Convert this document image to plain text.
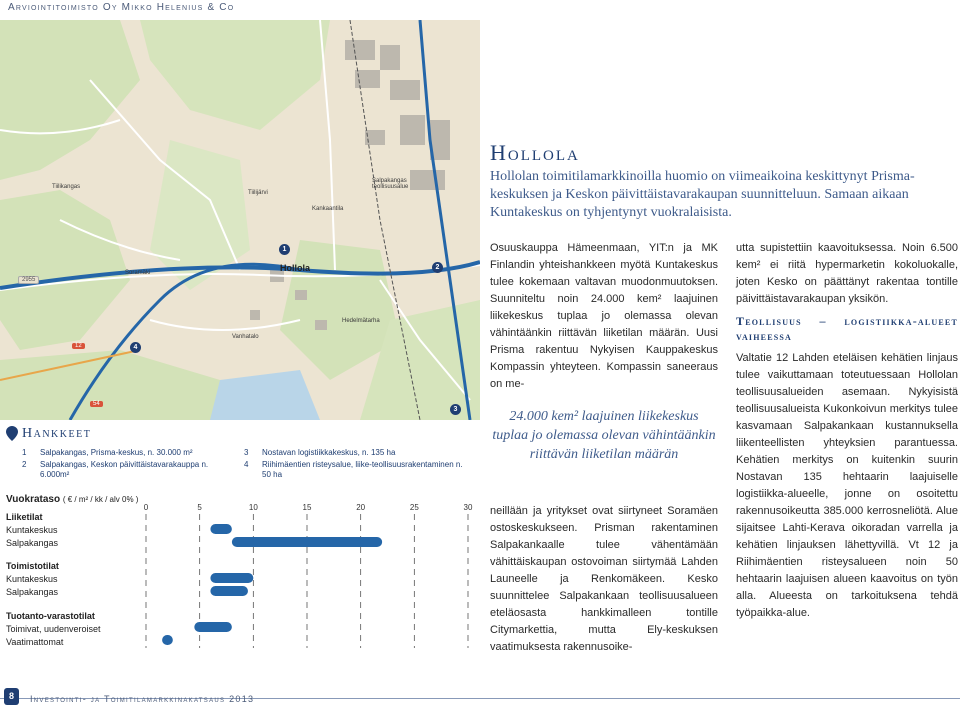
Arviointitoimisto Oy Mikko Helenius & Co
Tiilikangas
Tiilijärvi
Kankaantila
Salpakangas teollisuusalue
Soramäki	Hollola
Hedelmätarha
Vanhatalo
2955
12
54
1
2
3
4
Hankkeet
1 Salpakangas, Prisma-keskus, n. 30.000 m²
2 Salpakangas, Keskon päivittäistavarakauppa n. 6.000m²
3 Nostavan logistiikkakeskus, n. 135 ha
4 Riihimäentien risteysalue, liike-teollisuusrakentaminen n. 50 ha
Vuokrataso ( € / m² / kk / alv 0% )
Liiketilat
Kuntakeskus
Salpakangas
Toimistotilat
Kuntakeskus
Salpakangas
Tuotanto-varastotilat
Toimivat, uudenveroiset
Vaatimattomat
0	5	10	15	20	25	30
Hollola
Hollolan toimitilamarkkinoilla huomio on viimeaikoina keskittynyt Prisma-keskuksen ja Keskon päivittäistavarakaupan suunnitteluun. Samaan aikaan Kuntakeskus on tyhjentynyt vuokralaisista.

Osuuskauppa Hämeenmaan, YIT:n ja MK Finlandin yhteishankkeen myötä Kuntakeskus tulee kokemaan valtavan muodonmuutoksen. Suunniteltu noin 24.000 kem² laajuinen liikekeskus tuplaa jo olemassa olevan vähintäänkin riittävän liiketilan määrän. Uusi Prisma rakentuu Nykyisen Kauppakeskus Kompassin yhteyteen. Kompassin saneeraus on me-

24.000 kem² laajuinen liikekeskus tuplaa jo olemassa olevan vähintäänkin riittävän liiketilan määrän

neillään ja yritykset ovat siirtyneet Soramäen ostoskeskukseen. Prisman rakentaminen Salpakankaalle tulee vähentämään vähittäiskaupan ostovoiman siirtymää Lahden Launeelle ja Renkomäkeen. Kesko suunnittelee Salpakankaan teollisuusalueen eteläosasta hankkimalleen tontille Citymarkettia, mutta Ely-keskuksen vaatimuksesta rakennusoike-

utta supistettiin kaavoituksessa. Noin 6.500 kem² ei riitä hypermarketin kokoluokalle, joten Kesko on päättänyt rakentaa tontille päivittäistavarakaupan yksikön.

Teollisuus – logistiikka-alueet vaiheessa

Valtatie 12 Lahden eteläisen kehätien linjaus tulee vaikuttamaan toteutuessaan Hollolan teollisuusalueiden asemaan. Nykyisistä teollisuusalueista Kukonkoivun merkitys tulee kasvamaan Salpakankaan kustannuksella liikenteellisten yhteyksien parantuessa. Kehätien merkitys on kuitenkin suurin Nostavan 135 hehtaarin laajuiselle logistiikka-alueelle, jonne on osoitettu rakennusoikeutta 385.000 kerrosneliötä. Alue sijaitsee Lahti-Kerava oikoradan varrella ja kehätien linjauksen lähettyvillä. Vt 12 ja Riihimäentien risteysalueen noin 50 hehtaarin laajuisen alueen kaavoitus on työn alla. Alueesta on tarkoituksena tehdä työpaikka-alue.

8	Investointi- ja Toimitilamarkkinakatsaus 2013
